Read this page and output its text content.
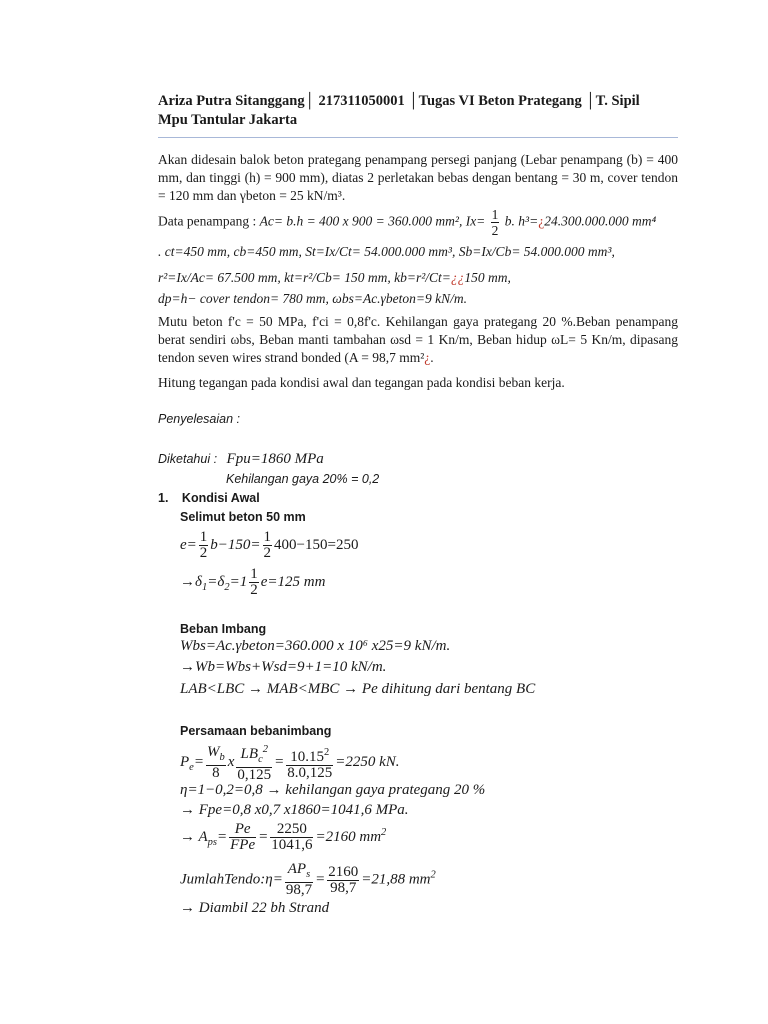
Ariza Putra Sitanggang│ 217311050001 │Tugas VI Beton Prategang │T. Sipil
Mpu Tantular Jakarta
Akan didesain balok beton prategang penampang persegi panjang (Lebar penampang (b) = 400 mm, dan tinggi (h) = 900 mm), diatas 2 perletakan bebas dengan bentang = 30 m, cover tendon = 120 mm dan γbeton = 25 kN/m³.
Data penampang : Ac= b.h = 400 x 900 = 360.000 mm², $Ix= \frac{1}{2} b$. h³=¿24.300.000.000 mm⁴
. ct=450 mm, cb=450 mm, St=Ix/Ct= 54.000.000 mm³, Sb=Ix/Cb= 54.000.000 mm³,
r²=Ix/Ac= 67.500 mm, kt=r²/Cb= 150 mm, kb=r²/Ct=¿¿150 mm,
dp=h− cover tendon= 780 mm, ωbs=Ac.γbeton=9 kN/m.
Mutu beton f'c = 50 MPa, f'ci = 0,8f'c. Kehilangan gaya prategang 20 %.Beban penampang berat sendiri ωbs, Beban manti tambahan ωsd = 1 Kn/m, Beban hidup ωL= 5 Kn/m, dipasang tendon seven wires strand bonded (A = 98,7 mm²¿.
Hitung tegangan pada kondisi awal dan tegangan pada kondisi beban kerja.
Penyelesaian :
Diketahui : Fpu=1860 MPa
Kehilangan gaya 20% = 0,2
1. Kondisi Awal
Selimut beton 50 mm
$e= \frac{1}{2} b-150= \frac{1}{2} 400-150=250$
$\to\delta_1=\delta_2=1 \frac{1}{2} e=125$ mm
Beban Imbang
Wbs=Ac.γbeton=360.000 x 10⁶ x25=9 kN/m.
→Wb=Wbs+Wsd=9+1=10 kN/m.
LAB<LBC → MAB<MBC → Pe dihitung dari bentang BC
Persamaan bebanimbang
$P_e= \frac{W_b}{8}$ x $\frac{LB_c^2}{0,125} = \frac{10.15^2}{8.0,125} =2250$ kN.
η=1−0,2=0,8 → kehilangan gaya prategang 20 %
→ Fpe=0,8 x0,7 x1860=1041,6 MPa.
→ $A_{ps}= \frac{Pe}{\text{FPe}} = \frac{2250}{1041,6} =2160$ $mm^2$
JumlahTendo:η= $\frac{AP_s}{98,7} = \frac{2160}{98,7} =21,88$ $mm^2$
→ Diambil 22 bh Strand
